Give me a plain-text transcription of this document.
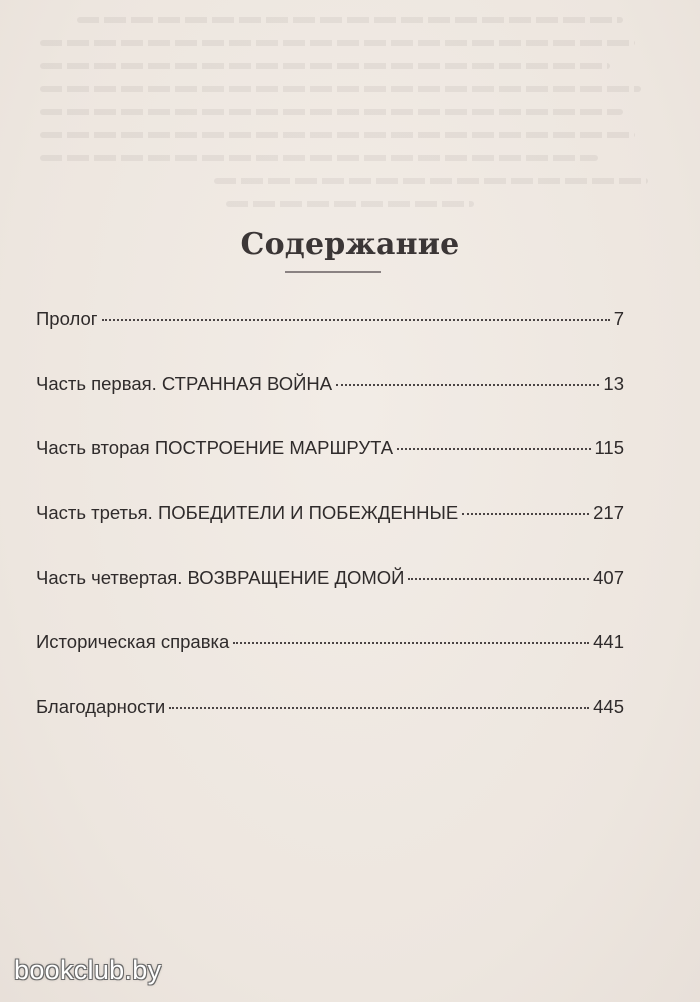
Содержание
Пролог	7
Часть первая. СТРАННАЯ ВОЙНА	13
Часть вторая ПОСТРОЕНИЕ МАРШРУТА	115
Часть третья. ПОБЕДИТЕЛИ И ПОБЕЖДЕННЫЕ	217
Часть четвертая. ВОЗВРАЩЕНИЕ ДОМОЙ	407
Историческая справка	441
Благодарности	445
bookclub.by
